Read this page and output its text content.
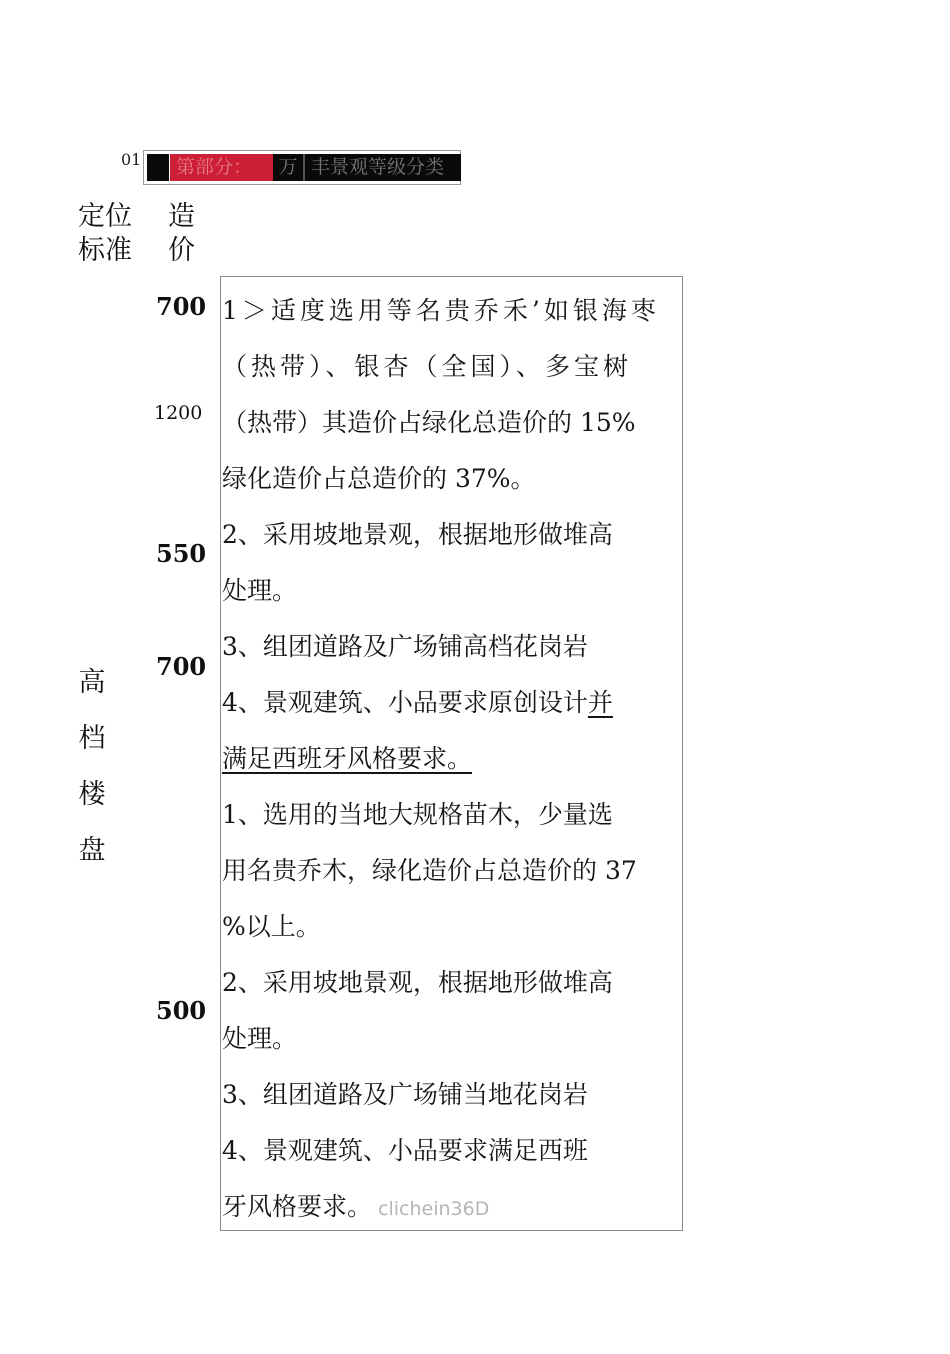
01	第部分：	万 丰景观等级分类
定位
标准
造
价
700
1200
550
700
500
高
档
楼
盘
1＞适度选用等名贵乔禾’如银海枣
（热带）、银杏（全国）、多宝树
（热带）其造价占绿化总造价的 15%
绿化造价占总造价的 37%。
2、采用坡地景观，根据地形做堆高
处理。
3、组团道路及广场铺高档花岗岩
4、景观建筑、小品要求原创设计并
满足西班牙风格要求。
1、选用的当地大规格苗木，少量选
用名贵乔木，绿化造价占总造价的 37
%以上。
2、采用坡地景观，根据地形做堆高
处理。
3、组团道路及广场铺当地花岗岩
4、景观建筑、小品要求满足西班
牙风格要求。 clichein36D
